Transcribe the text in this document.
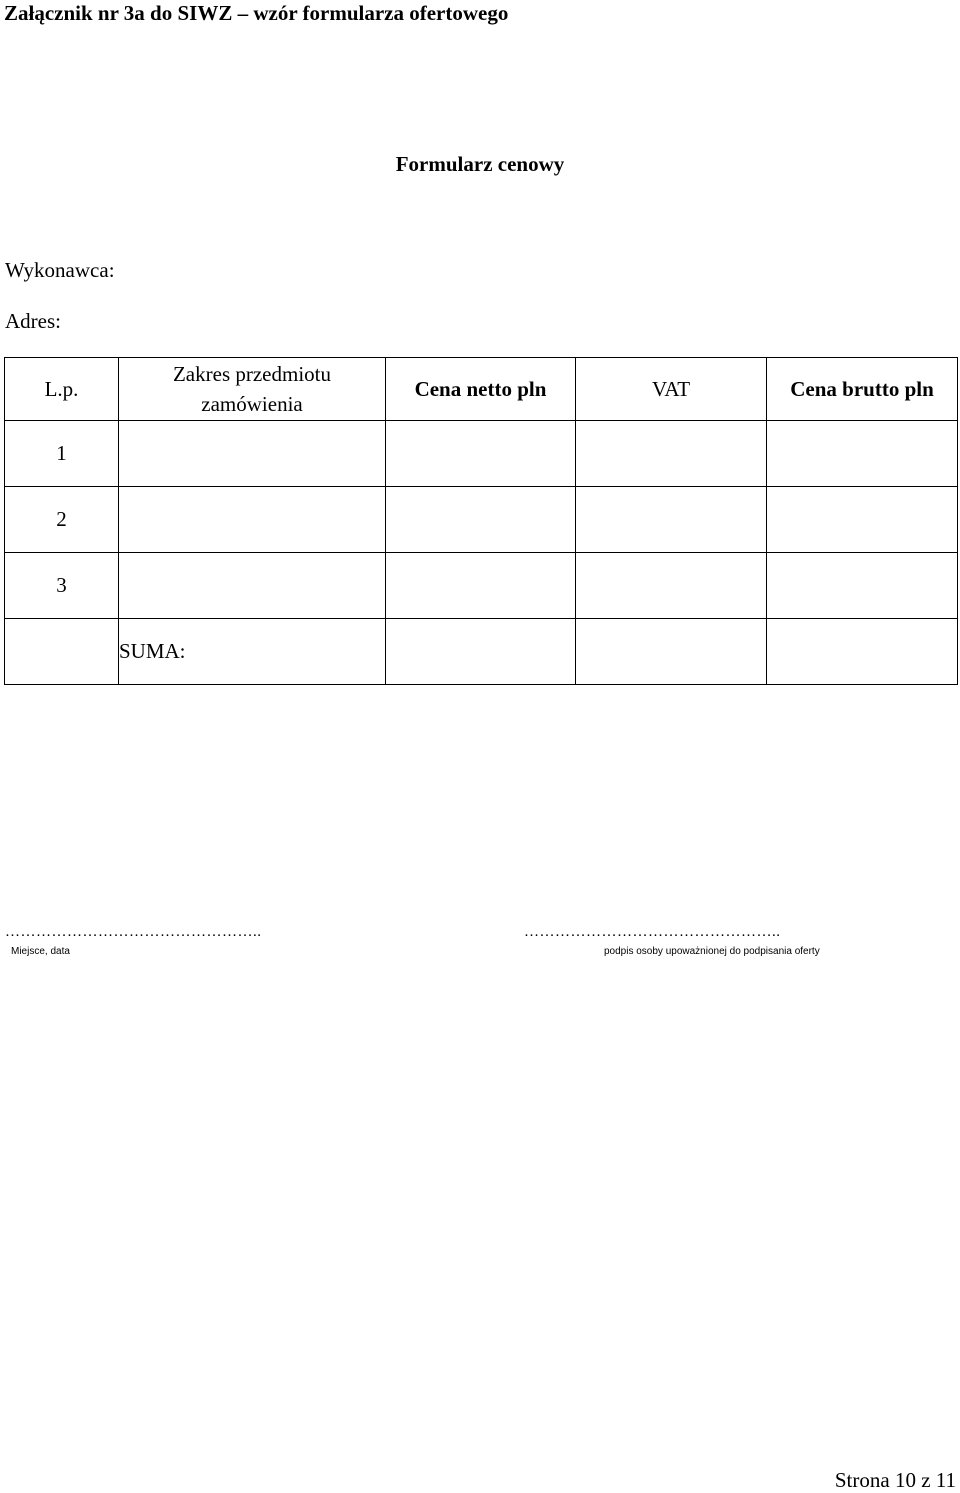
Załącznik nr 3a do SIWZ – wzór formularza ofertowego
Formularz cenowy
Wykonawca:
Adres:
L.p.	Zakres przedmiotu
zamówienia	Cena netto pln	VAT	Cena brutto pln
1				
2				
3				
	SUMA:			
…………………………………………..	…………………………………………..
Miejsce, data	podpis osoby upoważnionej do podpisania oferty
Strona 10 z 11
